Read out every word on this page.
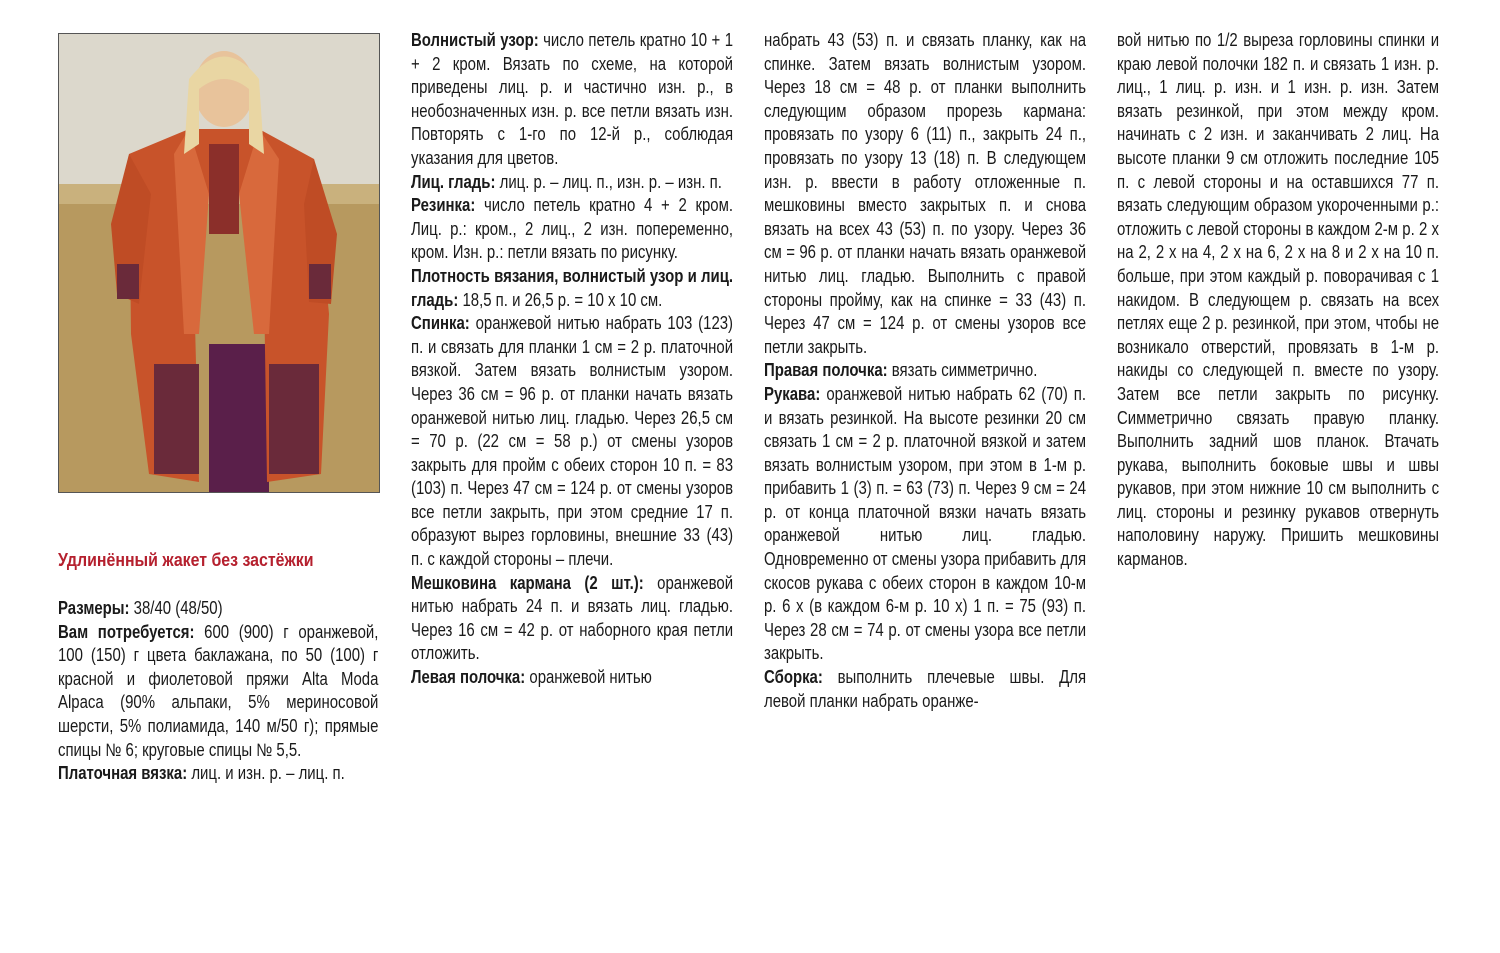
Удлинённый жакет без застёжки

Размеры: 38/40 (48/50)

Вам потребуется: 600 (900) г оранжевой, 100 (150) г цвета баклажана, по 50 (100) г красной и фиолетовой пряжи Alta Moda Alpaca (90% альпаки, 5% мериносовой шерсти, 5% полиамида, 140 м/50 г); прямые спицы № 6; круговые спицы № 5,5.

Платочная вязка: лиц. и изн. р. – лиц. п.

Волнистый узор: число петель кратно 10 + 1 + 2 кром. Вязать по схеме, на которой приведены лиц. р. и частично изн. р., в необозначенных изн. р. все петли вязать изн. Повторять с 1-го по 12-й р., соблюдая указания для цветов.

Лиц. гладь: лиц. р. – лиц. п., изн. р. – изн. п.

Резинка: число петель кратно 4 + 2 кром. Лиц. р.: кром., 2 лиц., 2 изн. попеременно, кром. Изн. р.: петли вязать по рисунку.

Плотность вязания, волнистый узор и лиц. гладь: 18,5 п. и 26,5 р. = 10 x 10 см.

Спинка: оранжевой нитью набрать 103 (123) п. и связать для планки 1 см = 2 р. платочной вязкой. Затем вязать волнистым узором. Через 36 см = 96 р. от планки начать вязать оранжевой нитью лиц. гладью. Через 26,5 см = 70 р. (22 см = 58 р.) от смены узоров закрыть для пройм с обеих сторон 10 п. = 83 (103) п. Через 47 см = 124 р. от смены узоров все петли закрыть, при этом средние 17 п. образуют вырез горловины, внешние 33 (43) п. с каждой стороны – плечи.

Мешковина кармана (2 шт.): оранжевой нитью набрать 24 п. и вязать лиц. гладью. Через 16 см = 42 р. от наборного края петли отложить.

Левая полочка: оранжевой нитью

набрать 43 (53) п. и связать планку, как на спинке. Затем вязать волнистым узором. Через 18 см = 48 р. от планки выполнить следующим образом прорезь кармана: провязать по узору 6 (11) п., закрыть 24 п., провязать по узору 13 (18) п. В следующем изн. р. ввести в работу отложенные п. мешковины вместо закрытых п. и снова вязать на всех 43 (53) п. по узору. Через 36 см = 96 р. от планки начать вязать оранжевой нитью лиц. гладью. Выполнить с правой стороны пройму, как на спинке = 33 (43) п. Через 47 см = 124 р. от смены узоров все петли закрыть.

Правая полочка: вязать симметрично.

Рукава: оранжевой нитью набрать 62 (70) п. и вязать резинкой. На высоте резинки 20 см связать 1 см = 2 р. платочной вязкой и затем вязать волнистым узором, при этом в 1-м р. прибавить 1 (3) п. = 63 (73) п. Через 9 см = 24 р. от конца платочной вязки начать вязать оранжевой нитью лиц. гладью. Одновременно от смены узора прибавить для скосов рукава с обеих сторон в каждом 10-м р. 6 х (в каждом 6-м р. 10 х) 1 п. = 75 (93) п. Через 28 см = 74 р. от смены узора все петли закрыть.

Сборка: выполнить плечевые швы. Для левой планки набрать оранже-

вой нитью по 1/2 выреза горловины спинки и краю левой полочки 182 п. и связать 1 изн. р. лиц., 1 лиц. р. изн. и 1 изн. р. изн. Затем вязать резинкой, при этом между кром. начинать с 2 изн. и заканчивать 2 лиц. На высоте планки 9 см отложить последние 105 п. с левой стороны и на оставшихся 77 п. вязать следующим образом укороченными р.: отложить с левой стороны в каждом 2-м р. 2 х на 2, 2 х на 4, 2 х на 6, 2 х на 8 и 2 х на 10 п. больше, при этом каждый р. поворачивая с 1 накидом. В следующем р. связать на всех петлях еще 2 р. резинкой, при этом, чтобы не возникало отверстий, провязать в 1-м р. накиды со следующей п. вместе по узору. Затем все петли закрыть по рисунку. Симметрично связать правую планку. Выполнить задний шов планок. Втачать рукава, выполнить боковые швы и швы рукавов, при этом нижние 10 см выполнить с лиц. стороны и резинку рукавов отвернуть наполовину наружу. Пришить мешковины карманов.
